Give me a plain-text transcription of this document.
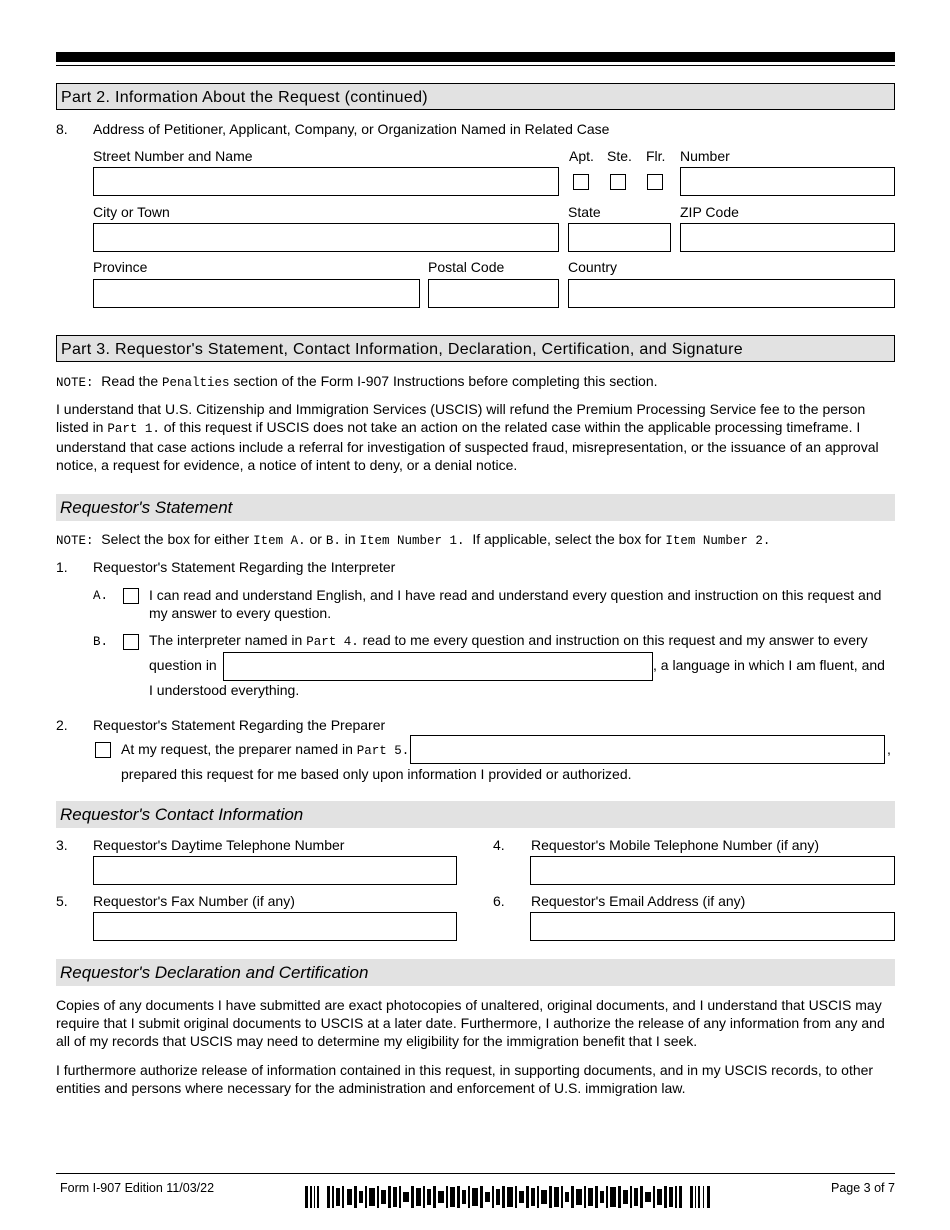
Part 2. Information About the Request (continued)
8. Address of Petitioner, Applicant, Company, or Organization Named in Related Case
Street Number and Name	Apt. Ste. Flr. Number
City or Town	State	ZIP Code
Province	Postal Code	Country
Part 3. Requestor's Statement, Contact Information, Declaration, Certification, and Signature
NOTE: Read the Penalties section of the Form I-907 Instructions before completing this section.
I understand that U.S. Citizenship and Immigration Services (USCIS) will refund the Premium Processing Service fee to the person listed in Part 1. of this request if USCIS does not take an action on the related case within the applicable processing timeframe. I understand that case actions include a referral for investigation of suspected fraud, misrepresentation, or the issuance of an approval notice, a request for evidence, a notice of intent to deny, or a denial notice.
Requestor's Statement
NOTE: Select the box for either Item A. or B. in Item Number 1. If applicable, select the box for Item Number 2.
1. Requestor's Statement Regarding the Interpreter
A.	I can read and understand English, and I have read and understand every question and instruction on this request and my answer to every question.
B.	The interpreter named in Part 4. read to me every question and instruction on this request and my answer to every
question in	, a language in which I am fluent, and
I understood everything.
2. Requestor's Statement Regarding the Preparer
At my request, the preparer named in Part 5.	,
prepared this request for me based only upon information I provided or authorized.
Requestor's Contact Information
3. Requestor's Daytime Telephone Number	4. Requestor's Mobile Telephone Number (if any)
5. Requestor's Fax Number (if any)	6. Requestor's Email Address (if any)
Requestor's Declaration and Certification
Copies of any documents I have submitted are exact photocopies of unaltered, original documents, and I understand that USCIS may require that I submit original documents to USCIS at a later date. Furthermore, I authorize the release of any information from any and all of my records that USCIS may need to determine my eligibility for the immigration benefit that I seek.
I furthermore authorize release of information contained in this request, in supporting documents, and in my USCIS records, to other entities and persons where necessary for the administration and enforcement of U.S. immigration law.
Form I-907 Edition 11/03/22	Page 3 of 7
